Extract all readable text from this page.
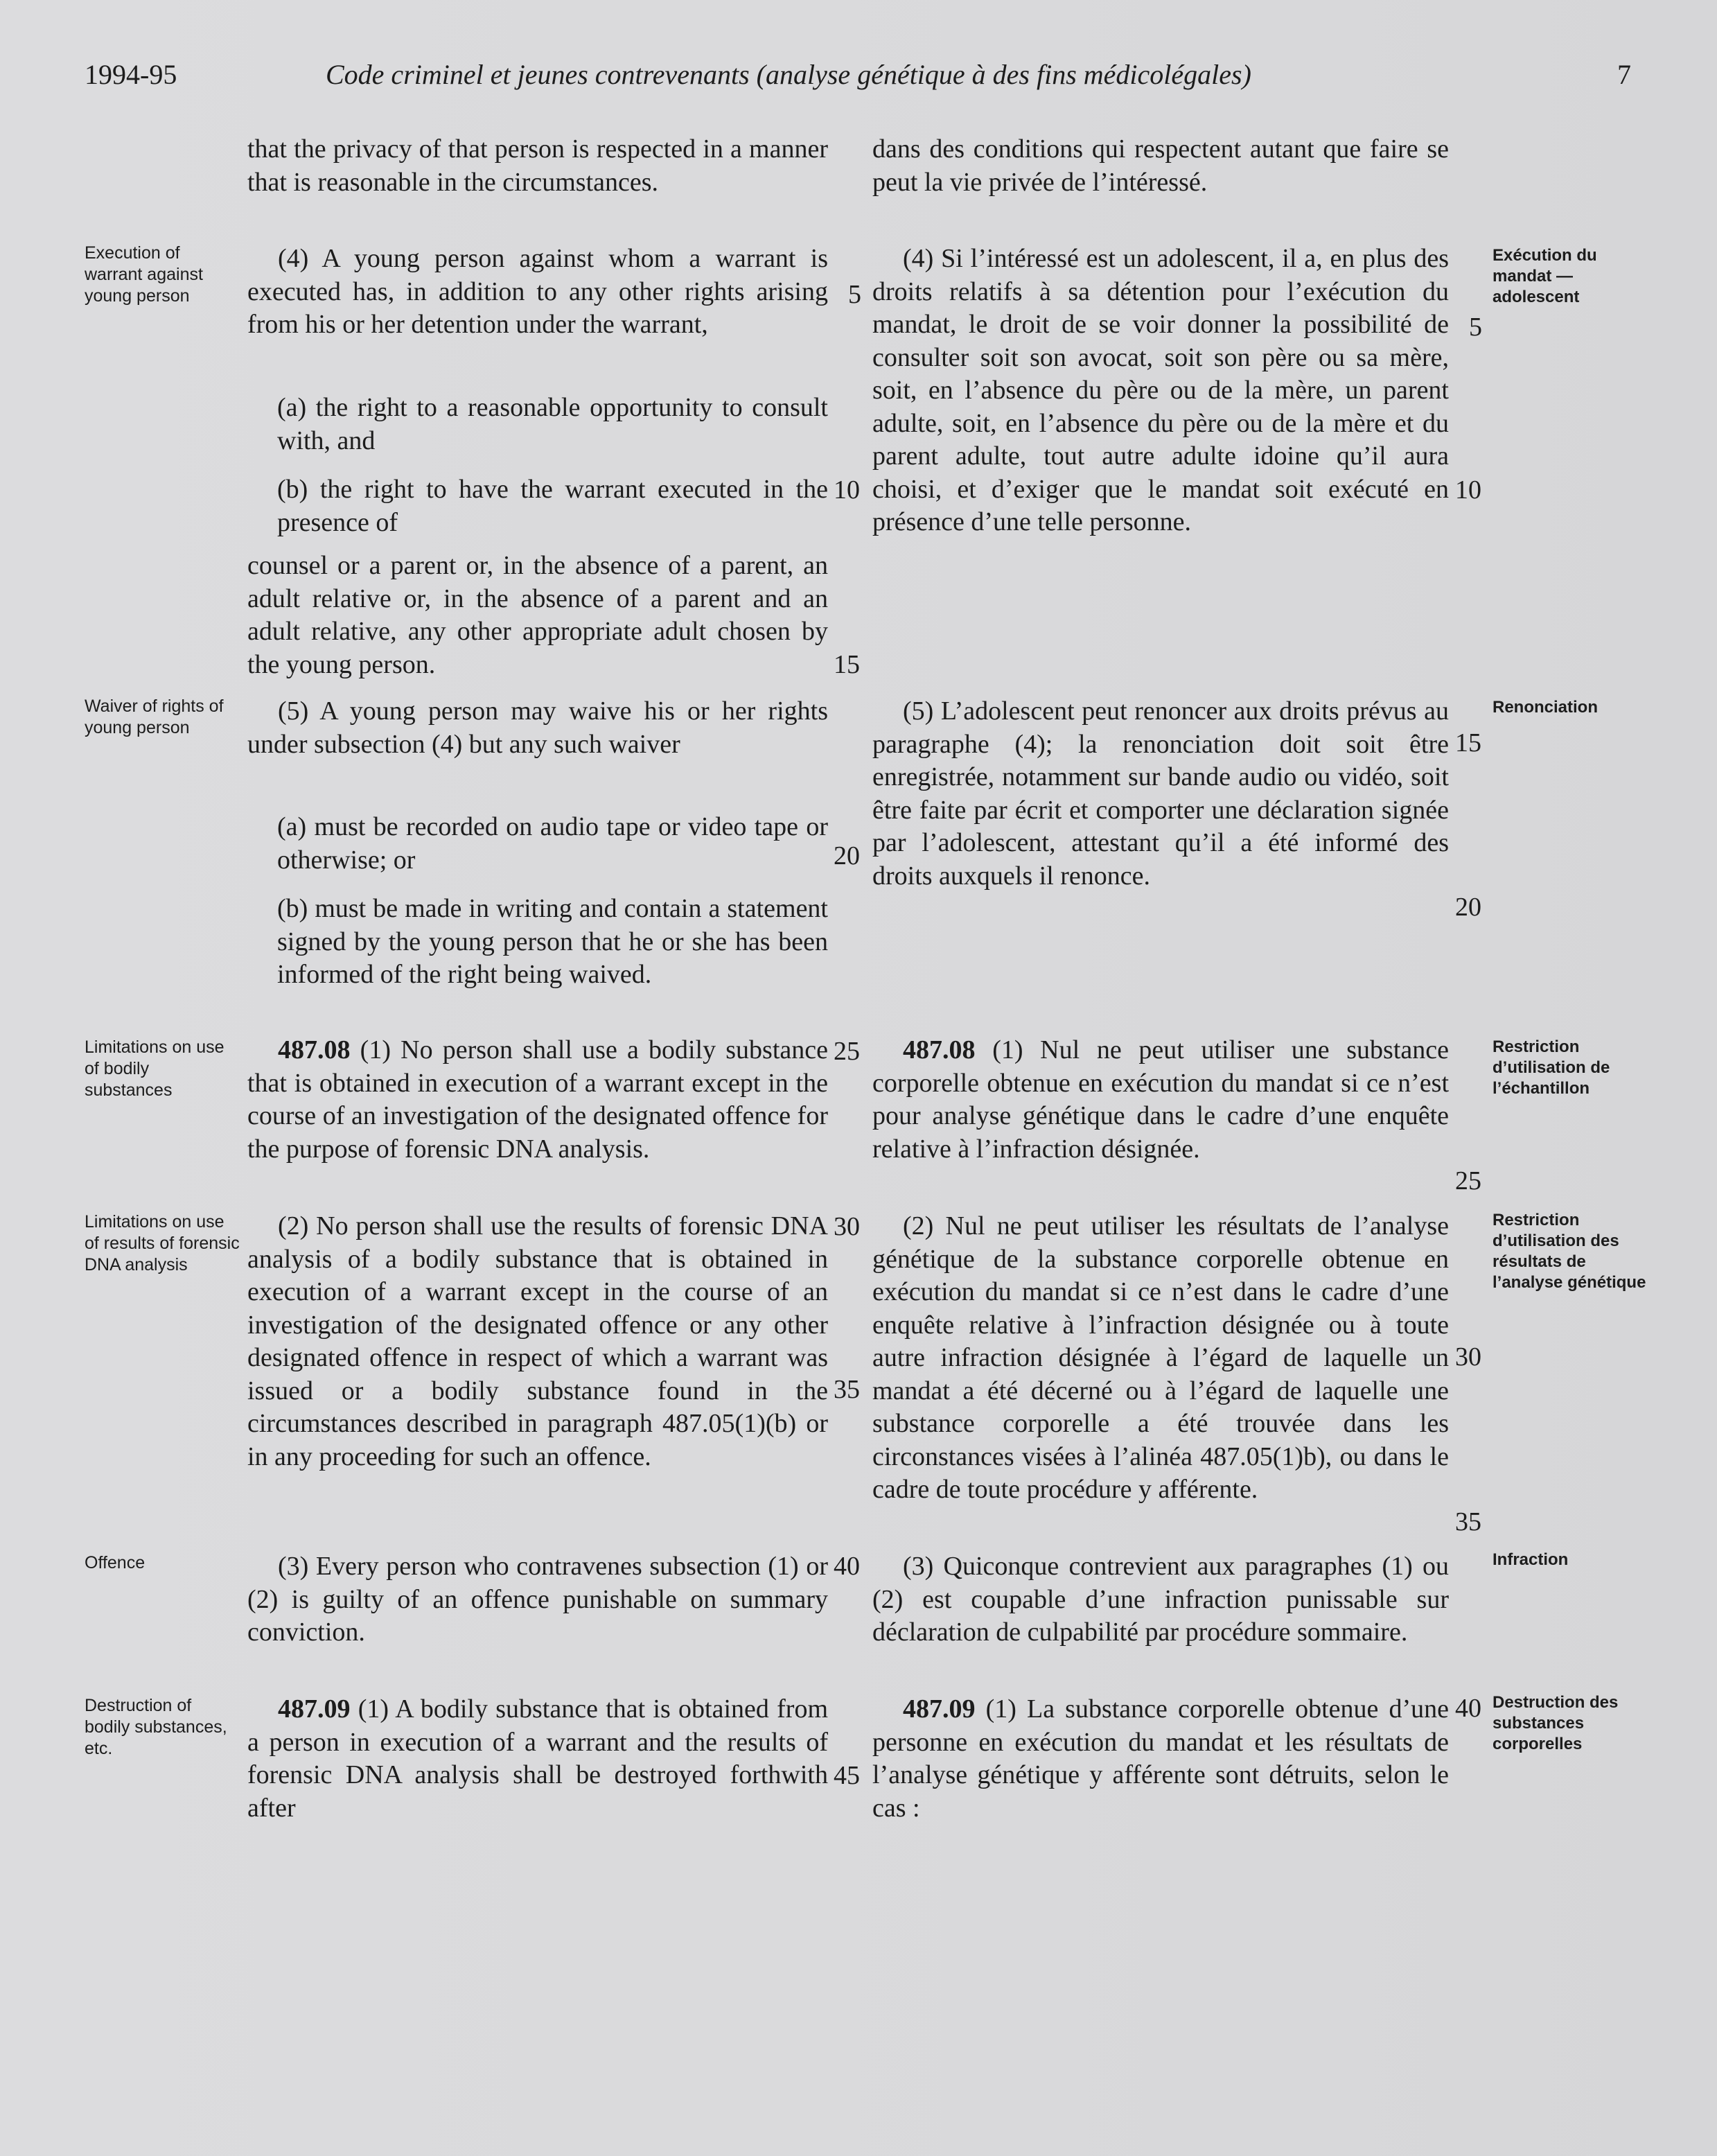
1994-95	Code criminel et jeunes contrevenants (analyse génétique à des fins médicolégales)	7
Execution of warrant against young person
Waiver of rights of young person
Limitations on use of bodily substances
Limitations on use of results of forensic DNA analysis
Offence
Destruction of bodily substances, etc.
Exécution du mandat — adolescent
Renonciation
Restriction d’utilisation de l’échantillon
Restriction d’utilisation des résultats de l’analyse génétique
Infraction
Destruction des substances corporelles

that the privacy of that person is respected in a manner that is reasonable in the circumstances.

(4) A young person against whom a warrant is executed has, in addition to any other rights arising from his or her detention under the warrant,

(a) the right to a reasonable opportunity to consult with, and
(b) the right to have the warrant executed in the presence of
counsel or a parent or, in the absence of a parent, an adult relative or, in the absence of a parent and an adult relative, any other appropriate adult chosen by the young person.

(5) A young person may waive his or her rights under subsection (4) but any such waiver

(a) must be recorded on audio tape or video tape or otherwise; or
(b) must be made in writing and contain a statement signed by the young person that he or she has been informed of the right being waived.

487.08 (1) No person shall use a bodily substance that is obtained in execution of a warrant except in the course of an investigation of the designated offence for the purpose of forensic DNA analysis.

(2) No person shall use the results of forensic DNA analysis of a bodily substance that is obtained in execution of a warrant except in the course of an investigation of the designated offence or any other designated offence in respect of which a warrant was issued or a bodily substance found in the circumstances described in paragraph 487.05(1)(b) or in any proceeding for such an offence.

(3) Every person who contravenes subsection (1) or (2) is guilty of an offence punishable on summary conviction.

487.09 (1) A bodily substance that is obtained from a person in execution of a warrant and the results of forensic DNA analysis shall be destroyed forthwith after

dans des conditions qui respectent autant que faire se peut la vie privée de l’intéressé.

(4) Si l’intéressé est un adolescent, il a, en plus des droits relatifs à sa détention pour l’exécution du mandat, le droit de se voir donner la possibilité de consulter soit son avocat, soit son père ou sa mère, soit, en l’absence du père ou de la mère, un parent adulte, soit, en l’absence du père ou de la mère et du parent adulte, tout autre adulte idoine qu’il aura choisi, et d’exiger que le mandat soit exécuté en présence d’une telle personne.

(5) L’adolescent peut renoncer aux droits prévus au paragraphe (4); la renonciation doit soit être enregistrée, notamment sur bande audio ou vidéo, soit être faite par écrit et comporter une déclaration signée par l’adolescent, attestant qu’il a été informé des droits auxquels il renonce.

487.08 (1) Nul ne peut utiliser une substance corporelle obtenue en exécution du mandat si ce n’est pour analyse génétique dans le cadre d’une enquête relative à l’infraction désignée.

(2) Nul ne peut utiliser les résultats de l’analyse génétique de la substance corporelle obtenue en exécution du mandat si ce n’est dans le cadre d’une enquête relative à l’infraction désignée ou à toute autre infraction désignée à l’égard de laquelle un mandat a été décerné ou à l’égard de laquelle une substance corporelle a été trouvée dans les circonstances visées à l’alinéa 487.05(1)b), ou dans le cadre de toute procédure y afférente.

(3) Quiconque contrevient aux paragraphes (1) ou (2) est coupable d’une infraction punissable sur déclaration de culpabilité par procédure sommaire.

487.09 (1) La substance corporelle obtenue d’une personne en exécution du mandat et les résultats de l’analyse génétique y afférente sont détruits, selon le cas :

5
10
15
20
25
30
35
40
45
5
10
15
20
25
30
35
40
